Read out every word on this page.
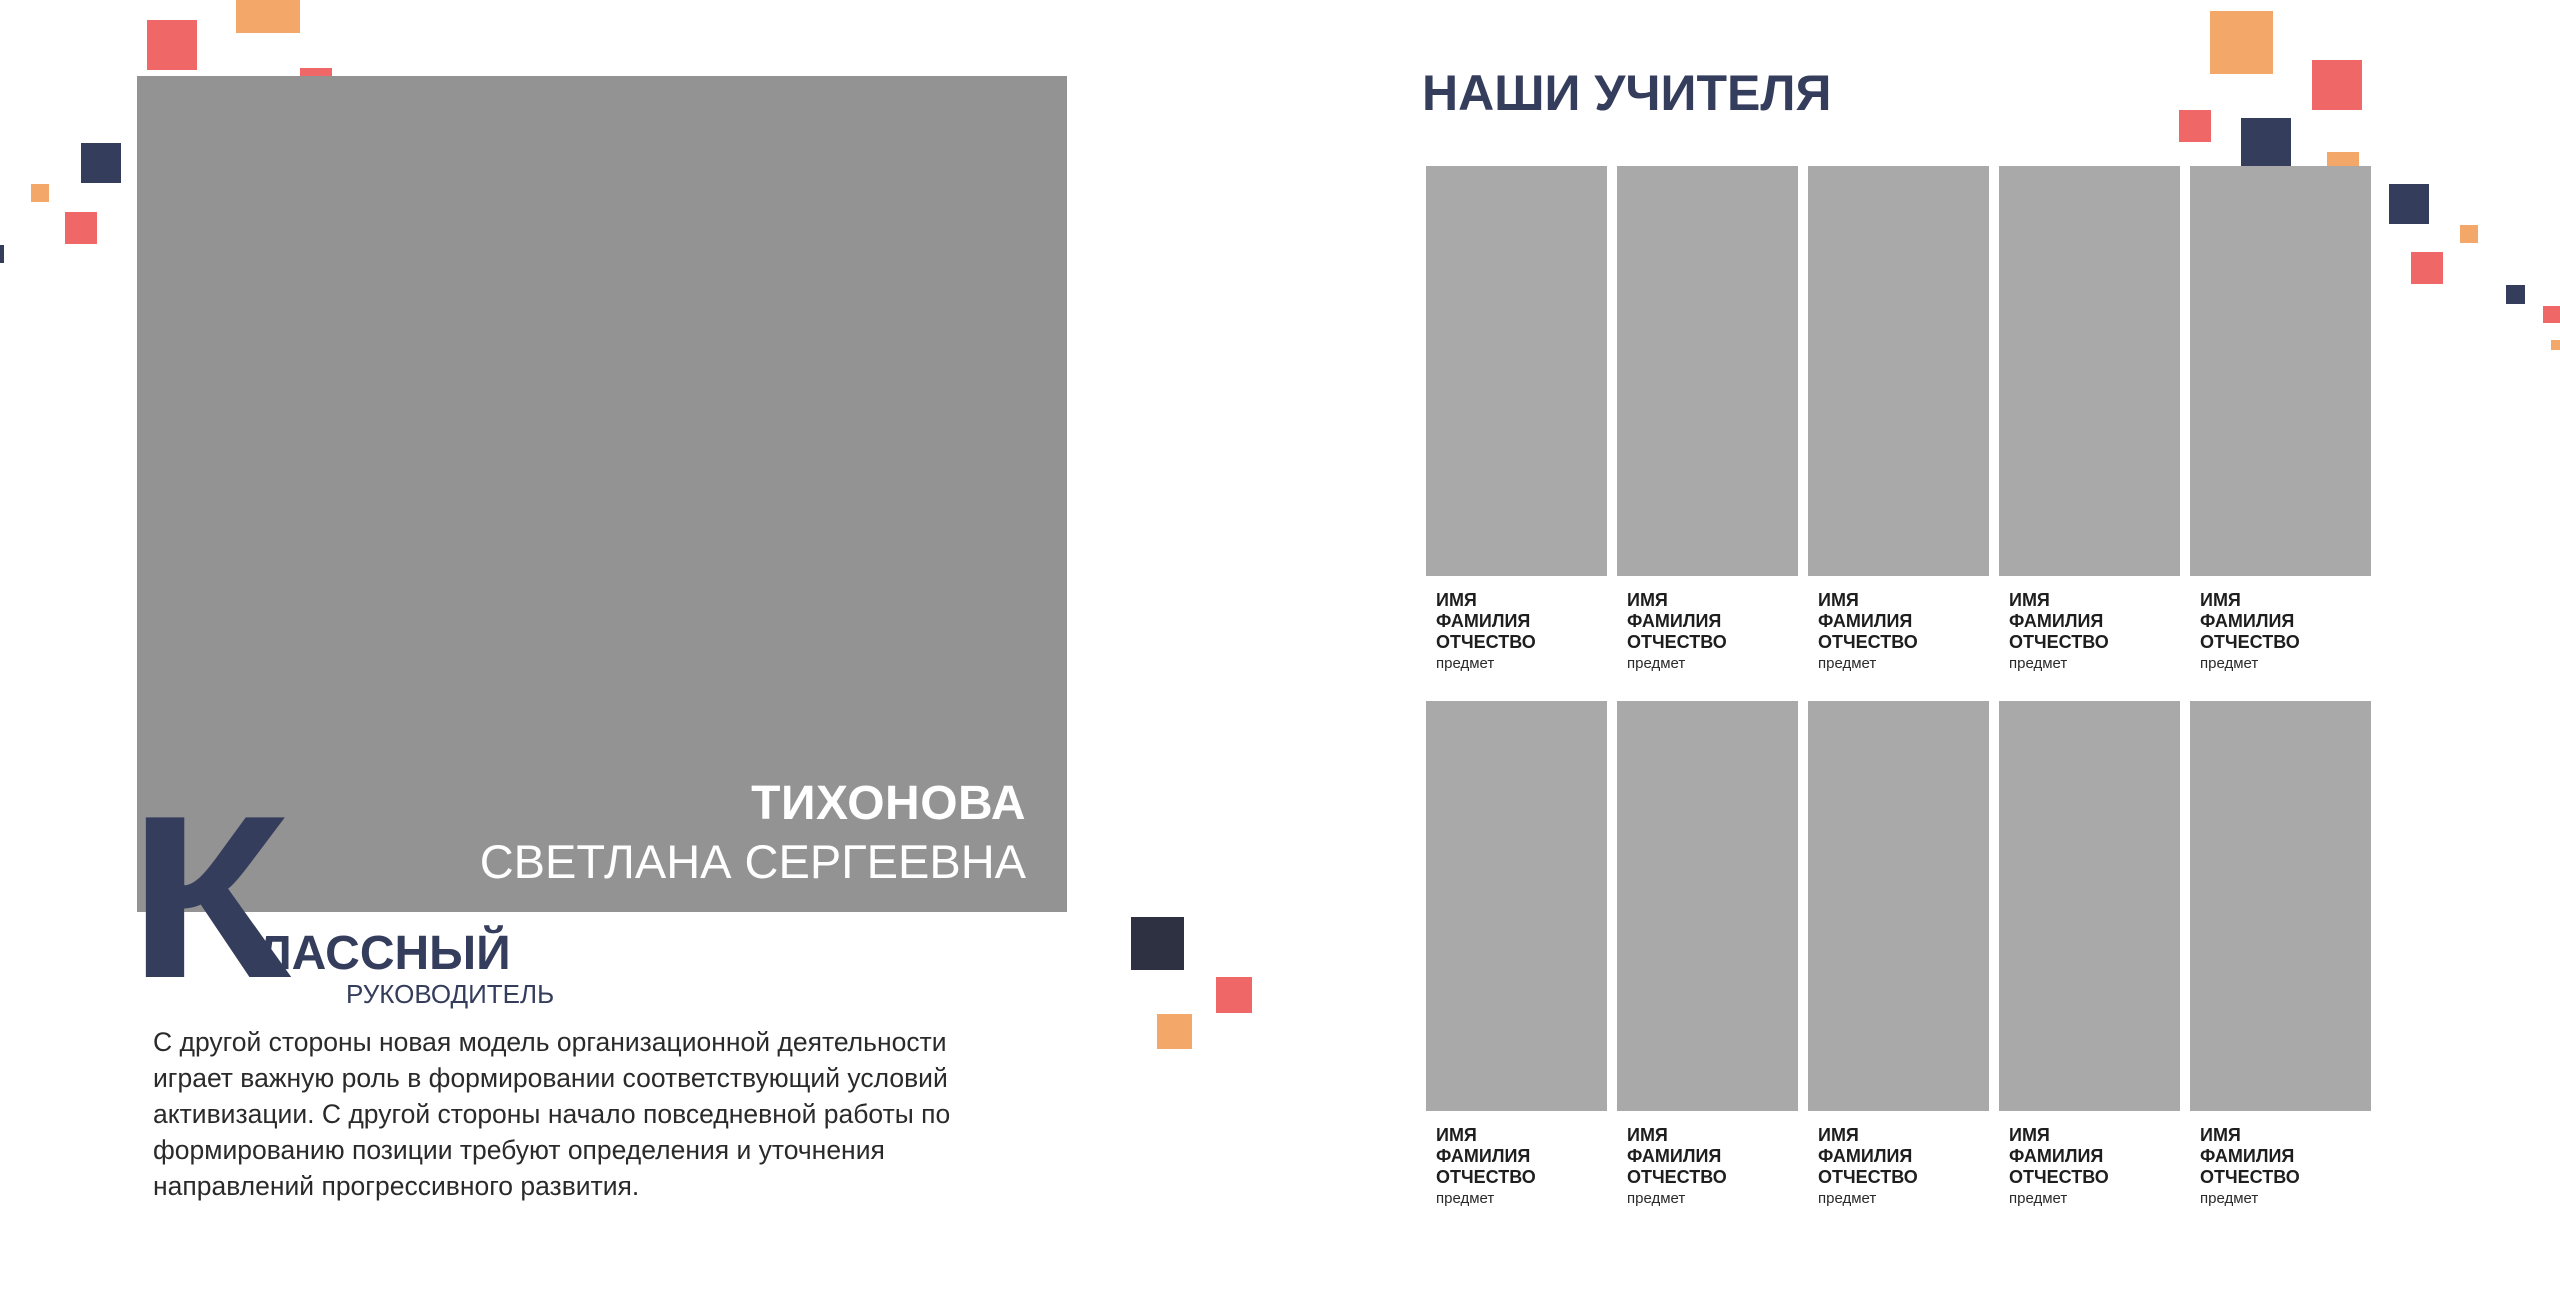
ТИХОНОВА
СВЕТЛАНА СЕРГЕЕВНА
К
ЛАССНЫЙ
РУКОВОДИТЕЛЬ

С другой стороны новая модель организационной деятельности

играет важную роль в формировании соответствующий условий

активизации. С другой стороны начало повседневной работы по

формированию позиции требуют определения и уточнения

направлений прогрессивного развития.

НАШИ УЧИТЕЛЯ
ИМЯ
ФАМИЛИЯ
ОТЧЕСТВО
предмет
ИМЯ
ФАМИЛИЯ
ОТЧЕСТВО
предмет
ИМЯ
ФАМИЛИЯ
ОТЧЕСТВО
предмет
ИМЯ
ФАМИЛИЯ
ОТЧЕСТВО
предмет
ИМЯ
ФАМИЛИЯ
ОТЧЕСТВО
предмет
ИМЯ
ФАМИЛИЯ
ОТЧЕСТВО
предмет
ИМЯ
ФАМИЛИЯ
ОТЧЕСТВО
предмет
ИМЯ
ФАМИЛИЯ
ОТЧЕСТВО
предмет
ИМЯ
ФАМИЛИЯ
ОТЧЕСТВО
предмет
ИМЯ
ФАМИЛИЯ
ОТЧЕСТВО
предмет
